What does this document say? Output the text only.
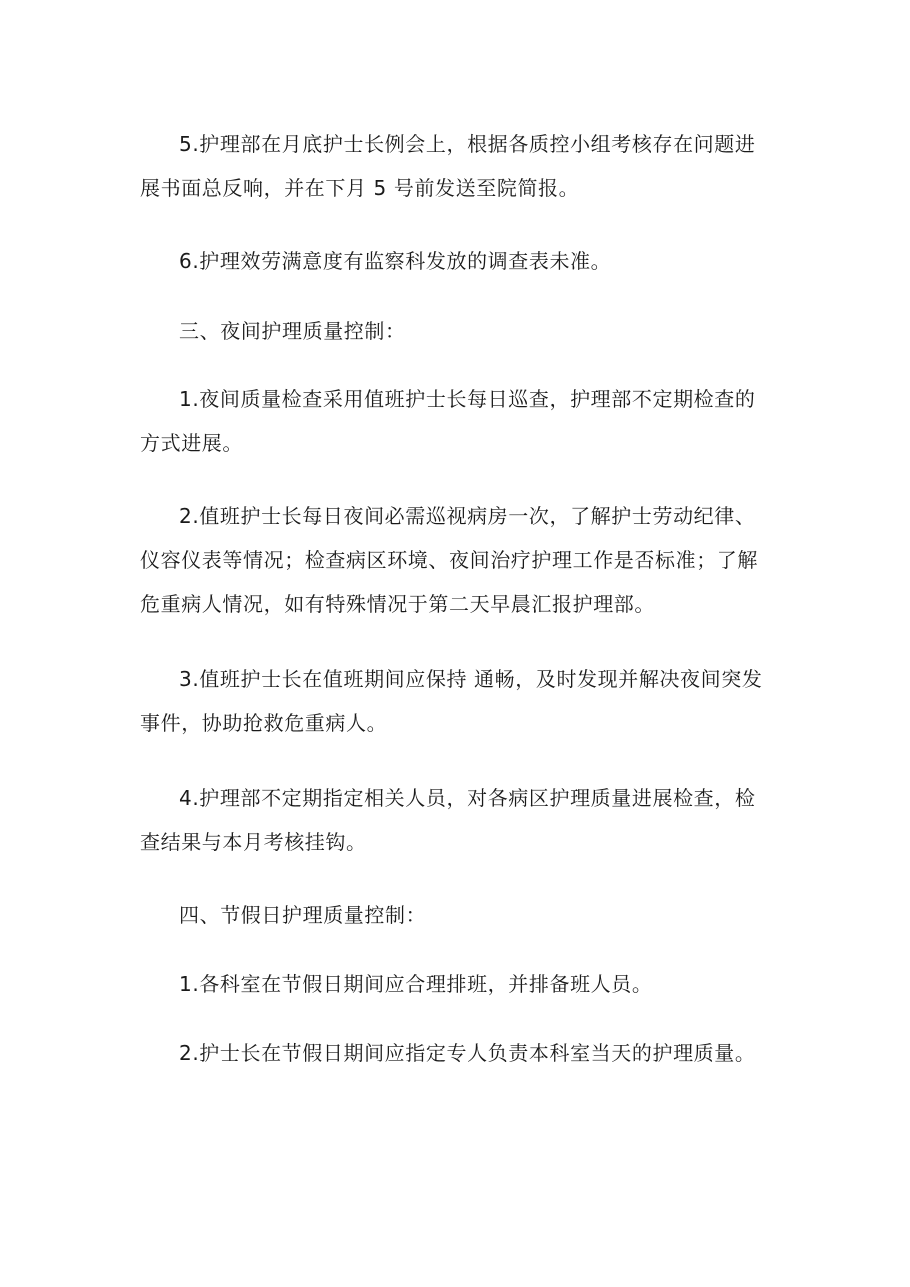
5.护理部在月底护士长例会上，根据各质控小组考核存在问题进
展书面总反响，并在下月 5 号前发送至院简报。
6.护理效劳满意度有监察科发放的调查表未准。
三、夜间护理质量控制：
1.夜间质量检查采用值班护士长每日巡查，护理部不定期检查的
方式进展。
2.值班护士长每日夜间必需巡视病房一次，了解护士劳动纪律、
仪容仪表等情况；检查病区环境、夜间治疗护理工作是否标准；了解
危重病人情况，如有特殊情况于第二天早晨汇报护理部。
3.值班护士长在值班期间应保持 通畅，及时发现并解决夜间突发
事件，协助抢救危重病人。
4.护理部不定期指定相关人员，对各病区护理质量进展检查，检
查结果与本月考核挂钩。
四、节假日护理质量控制：
1.各科室在节假日期间应合理排班，并排备班人员。
2.护士长在节假日期间应指定专人负责本科室当天的护理质量。
